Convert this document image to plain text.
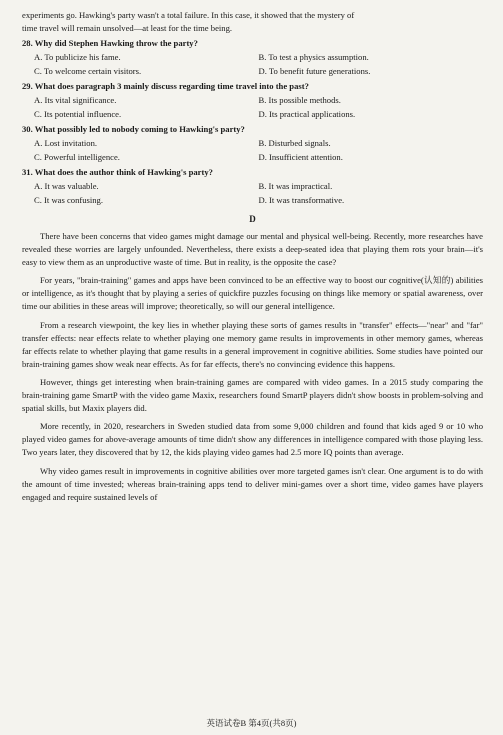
experiments go. Hawking's party wasn't a total failure. In this case, it showed that the mystery of

time travel will remain unsolved—at least for the time being.

28. Why did Stephen Hawking throw the party?
A. To publicize his fame.	B. To test a physics assumption.
C. To welcome certain visitors.	D. To benefit future generations.
29. What does paragraph 3 mainly discuss regarding time travel into the past?
A. Its vital significance.	B. Its possible methods.
C. Its potential influence.	D. Its practical applications.
30. What possibly led to nobody coming to Hawking's party?
A. Lost invitation.	B. Disturbed signals.
C. Powerful intelligence.	D. Insufficient attention.
31. What does the author think of Hawking's party?
A. It was valuable.	B. It was impractical.
C. It was confusing.	D. It was transformative.
D

There have been concerns that video games might damage our mental and physical well-being. Recently, more researches have revealed these worries are largely unfounded. Nevertheless, there exists a deep-seated idea that playing them rots your brain—it's easy to view them as an unproductive waste of time. But in reality, is the opposite the case?

For years, "brain-training" games and apps have been convinced to be an effective way to boost our cognitive(认知的) abilities or intelligence, as it's thought that by playing a series of quickfire puzzles focusing on things like memory or spatial awareness, over time our abilities in these areas will improve; theoretically, so will our general intelligence.

From a research viewpoint, the key lies in whether playing these sorts of games results in "transfer" effects—"near" and "far" transfer effects: near effects relate to whether playing one memory game results in improvements in other memory games, whereas far effects relate to whether playing that game results in a general improvement in cognitive abilities. Some studies have pointed our brain-training games show weak near effects. As for far effects, there's no convincing evidence this happens.

However, things get interesting when brain-training games are compared with video games. In a 2015 study comparing the brain-training game SmartP with the video game Maxix, researchers found SmartP players didn't show boosts in problem-solving and spatial skills, but Maxix players did.

More recently, in 2020, researchers in Sweden studied data from some 9,000 children and found that kids aged 9 or 10 who played video games for above-average amounts of time didn't show any differences in intelligence compared with those playing less. Two years later, they discovered that by 12, the kids playing video games had 2.5 more IQ points than average.

Why video games result in improvements in cognitive abilities over more targeted games isn't clear. One argument is to do with the amount of time invested; whereas brain-training apps tend to deliver mini-games over a short time, video games have players engaged and require sustained levels of

英语试卷B 第4页(共8页)
